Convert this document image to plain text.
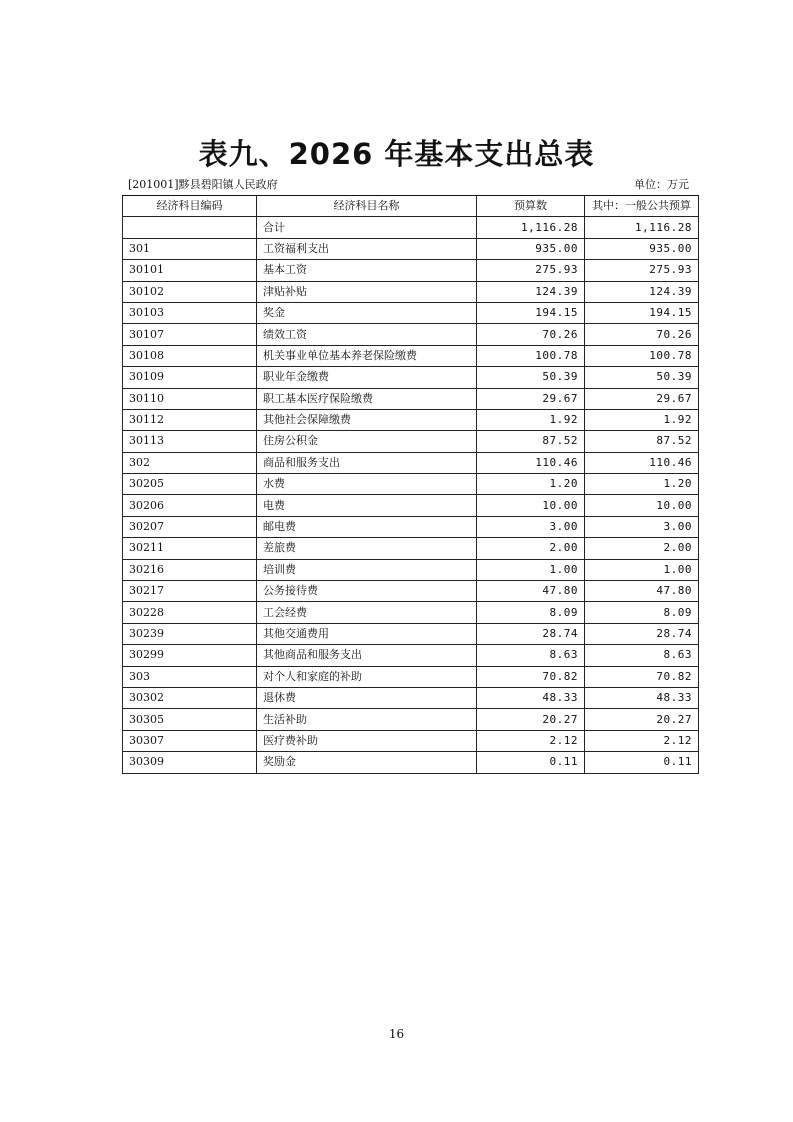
表九、2026 年基本支出总表
[201001]黟县碧阳镇人民政府	单位：万元
经济科目编码	经济科目名称	预算数	其中：一般公共预算
	合计	1,116.28	1,116.28
301	工资福利支出	935.00	935.00
30101	基本工资	275.93	275.93
30102	津贴补贴	124.39	124.39
30103	奖金	194.15	194.15
30107	绩效工资	70.26	70.26
30108	机关事业单位基本养老保险缴费	100.78	100.78
30109	职业年金缴费	50.39	50.39
30110	职工基本医疗保险缴费	29.67	29.67
30112	其他社会保障缴费	1.92	1.92
30113	住房公积金	87.52	87.52
302	商品和服务支出	110.46	110.46
30205	水费	1.20	1.20
30206	电费	10.00	10.00
30207	邮电费	3.00	3.00
30211	差旅费	2.00	2.00
30216	培训费	1.00	1.00
30217	公务接待费	47.80	47.80
30228	工会经费	8.09	8.09
30239	其他交通费用	28.74	28.74
30299	其他商品和服务支出	8.63	8.63
303	对个人和家庭的补助	70.82	70.82
30302	退休费	48.33	48.33
30305	生活补助	20.27	20.27
30307	医疗费补助	2.12	2.12
30309	奖励金	0.11	0.11
16
